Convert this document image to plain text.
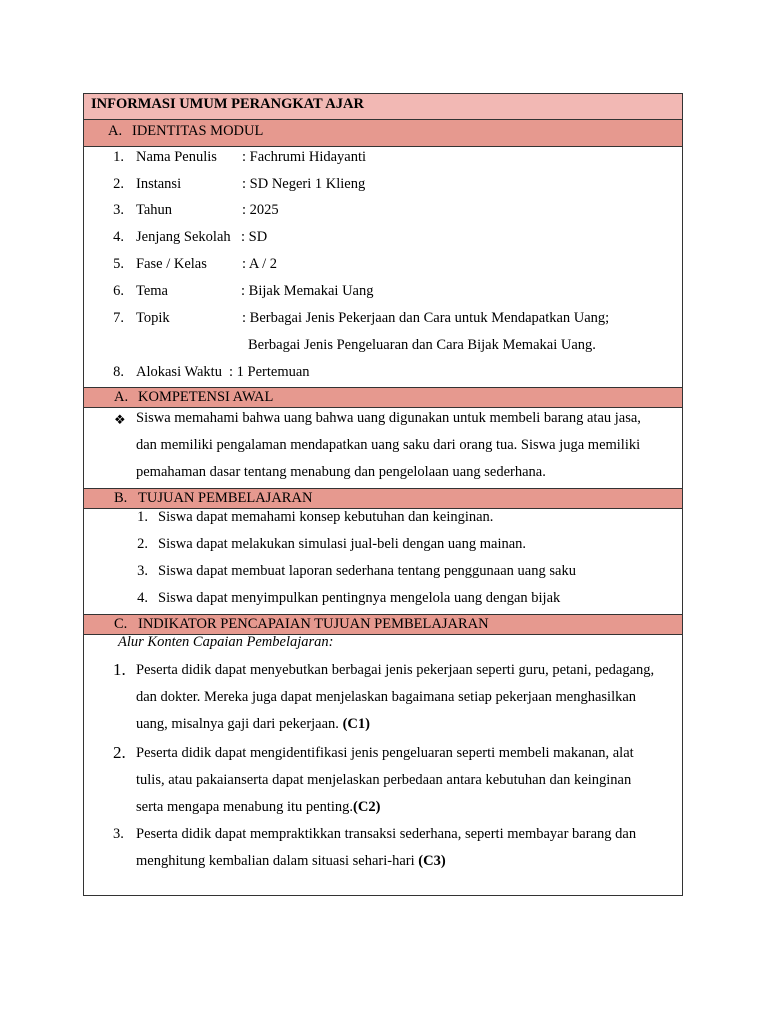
INFORMASI UMUM PERANGKAT AJAR
A. IDENTITAS MODUL
1. Nama Penulis : Fachrumi Hidayanti
2. Instansi	: SD Negeri 1 Klieng
3. Tahun	: 2025
4. Jenjang Sekolah : SD
5. Fase / Kelas : A / 2
6. Tema	: Bijak Memakai Uang
7. Topik	: Berbagai Jenis Pekerjaan dan Cara untuk Mendapatkan Uang;
Berbagai Jenis Pengeluaran dan Cara Bijak Memakai Uang.
8. Alokasi Waktu : 1 Pertemuan
A. KOMPETENSI AWAL
❖ Siswa memahami bahwa uang bahwa uang digunakan untuk membeli barang atau jasa,
dan memiliki pengalaman mendapatkan uang saku dari orang tua. Siswa juga memiliki
pemahaman dasar tentang menabung dan pengelolaan uang sederhana.
B. TUJUAN PEMBELAJARAN
1. Siswa dapat memahami konsep kebutuhan dan keinginan.
2. Siswa dapat melakukan simulasi jual-beli dengan uang mainan.
3. Siswa dapat membuat laporan sederhana tentang penggunaan uang saku
4. Siswa dapat menyimpulkan pentingnya mengelola uang dengan bijak
C. INDIKATOR PENCAPAIAN TUJUAN PEMBELAJARAN
Alur Konten Capaian Pembelajaran:
1. Peserta didik dapat menyebutkan berbagai jenis pekerjaan seperti guru, petani, pedagang,
dan dokter. Mereka juga dapat menjelaskan bagaimana setiap pekerjaan menghasilkan
uang, misalnya gaji dari pekerjaan. (C1)
2. Peserta didik dapat mengidentifikasi jenis pengeluaran seperti membeli makanan, alat
tulis, atau pakaianserta dapat menjelaskan perbedaan antara kebutuhan dan keinginan
serta mengapa menabung itu penting.(C2)
3. Peserta didik dapat mempraktikkan transaksi sederhana, seperti membayar barang dan
menghitung kembalian dalam situasi sehari-hari (C3)
